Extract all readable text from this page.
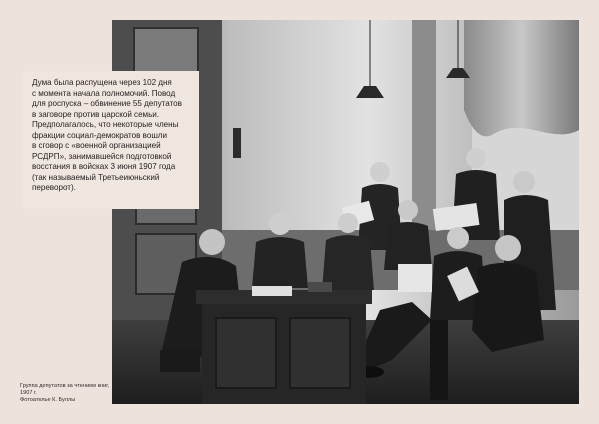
Дума была распущена через 102 дня
с момента начала полномочий. Повод
для роспуска – обвинение 55 депутатов
в заговоре против царской семьи.
Предполагалось, что некоторые члены
фракции социал-демократов вошли
в сговор с «военной организацией
РСДРП», занимавшейся подготовкой
восстания в войсках 3 июня 1907 года
(так называемый Третьеиюньский
переворот).

Группа депутатов за чтением книг,
1907 г.
Фотоателье К. Буллы
